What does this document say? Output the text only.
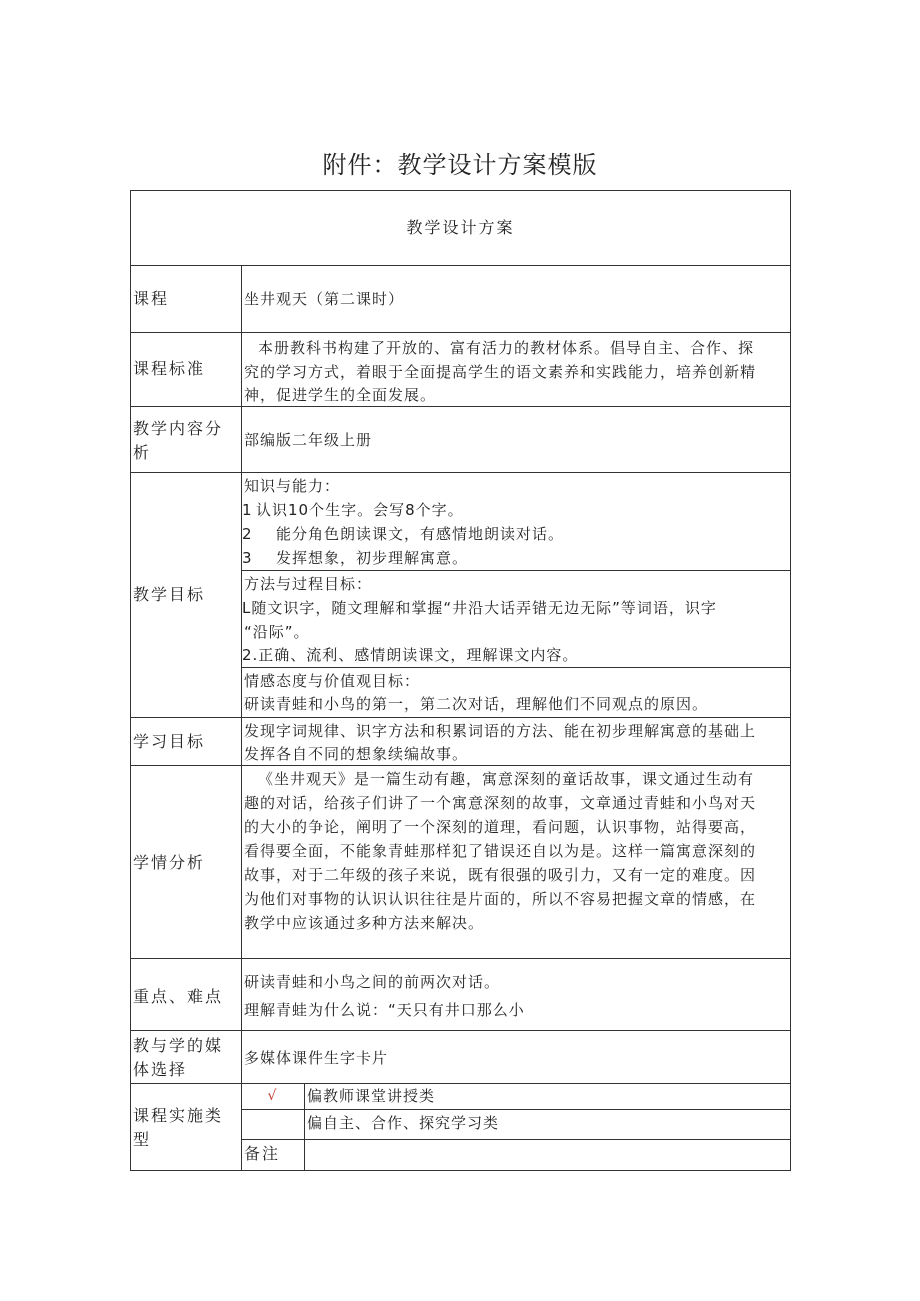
附件：教学设计方案模版
教学设计方案
课程	坐井观天（第二课时）
课程标准
本册教科书构建了开放的、富有活力的教材体系。倡导自主、合作、探
究的学习方式，着眼于全面提高学生的语文素养和实践能力，培养创新精
神，促进学生的全面发展。
教学内容分
析
部编版二年级上册
教学目标
知识与能力：
1 认识10个生字。会写8个字。
2 能分角色朗读课文，有感情地朗读对话。
3 发挥想象，初步理解寓意。
方法与过程目标：
L随文识字，随文理解和掌握“井沿大话弄错无边无际”等词语，识字
“沿际”。
2.正确、流利、感情朗读课文，理解课文内容。
情感态度与价值观目标：
研读青蛙和小鸟的第一，第二次对话，理解他们不同观点的原因。
学习目标
发现字词规律、识字方法和积累词语的方法、能在初步理解寓意的基础上
发挥各自不同的想象续编故事。
学情分析
《坐井观天》是一篇生动有趣，寓意深刻的童话故事，课文通过生动有
趣的对话，给孩子们讲了一个寓意深刻的故事，文章通过青蛙和小鸟对天
的大小的争论，阐明了一个深刻的道理，看问题，认识事物，站得要高，
看得要全面，不能象青蛙那样犯了错误还自以为是。这样一篇寓意深刻的
故事，对于二年级的孩子来说，既有很强的吸引力，又有一定的难度。因
为他们对事物的认识认识往往是片面的，所以不容易把握文章的情感，在
教学中应该通过多种方法来解决。
重点、难点
研读青蛙和小鸟之间的前两次对话。
理解青蛙为什么说：“天只有井口那么小
教与学的媒
体选择
多媒体课件生字卡片
课程实施类
型
√	偏教师课堂讲授类
偏自主、合作、探究学习类
备注
